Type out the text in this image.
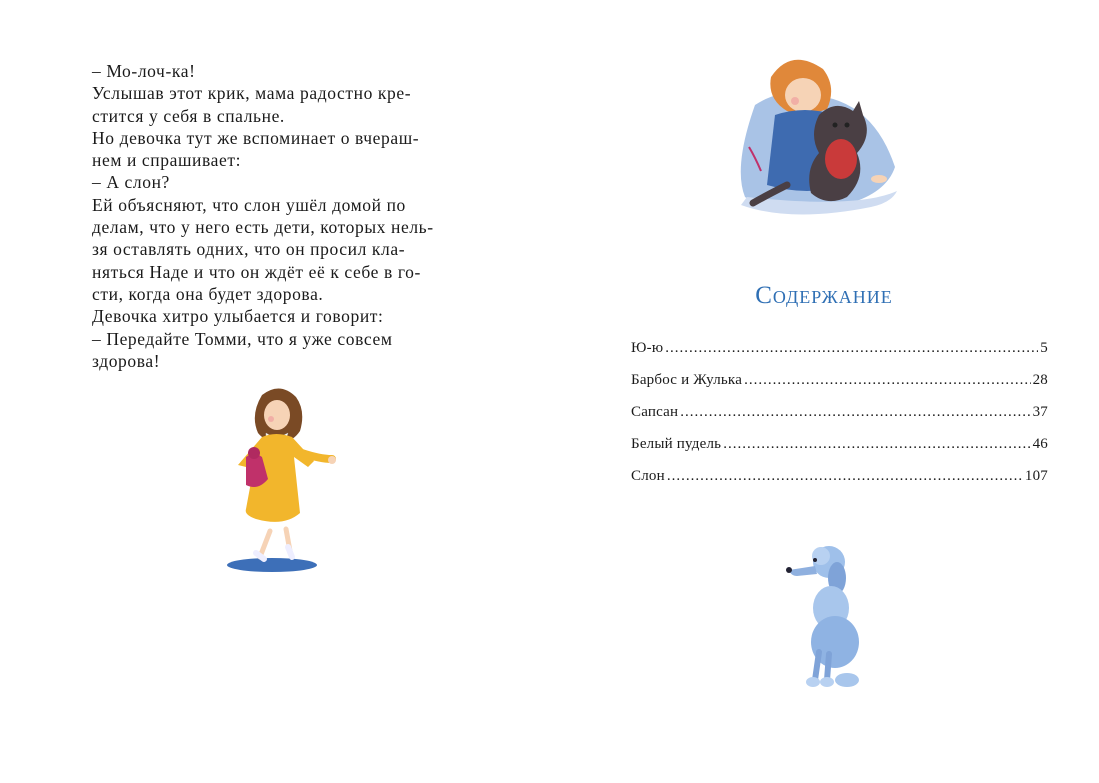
– Мо-лоч-ка!

Услышав этот крик, мама радостно кре-

стится у себя в спальне.

Но девочка тут же вспоминает о вчераш-

нем и спрашивает:

– А слон?

Ей объясняют, что слон ушёл домой по

делам, что у него есть дети, которых нель-

зя оставлять одних, что он просил кла-

няться Наде и что он ждёт её к себе в го-

сти, когда она будет здорова.

Девочка хитро улыбается и говорит:

– Передайте Томми, что я уже совсем

здорова!

Содержание
Ю-ю .....	5
Барбос и Жулька .....	28
Сапсан .....	37
Белый пудель .....	46
Слон .....	107
